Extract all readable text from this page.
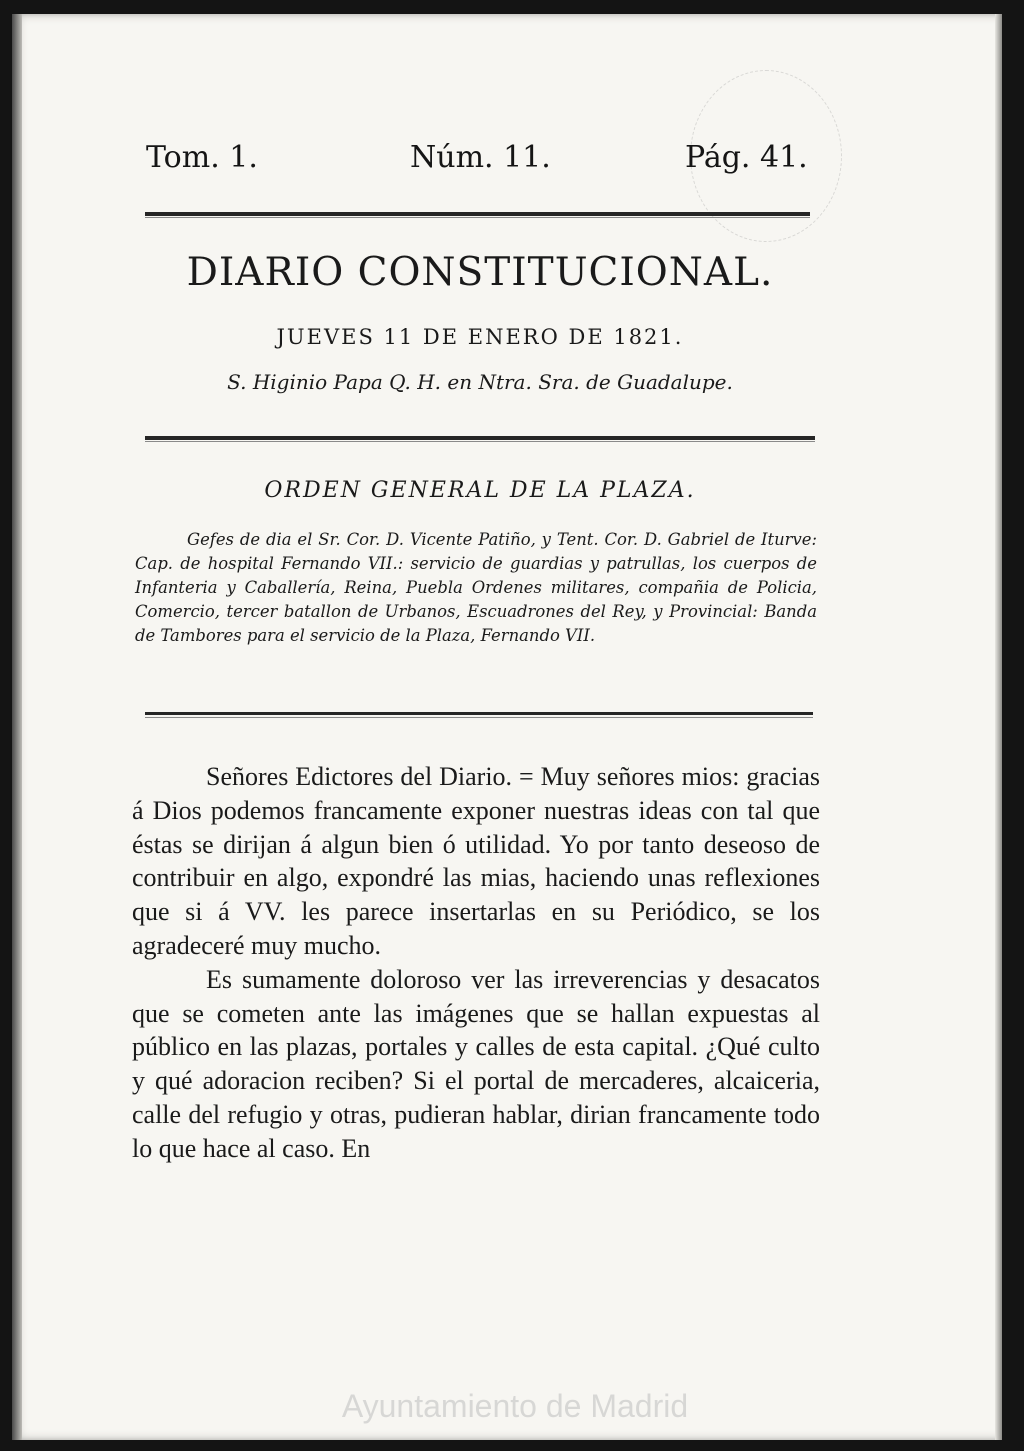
Tom. 1.	Núm. 11.	Pág. 41.
DIARIO CONSTITUCIONAL.
JUEVES 11 DE ENERO DE 1821.
S. Higinio Papa Q. H. en Ntra. Sra. de Guadalupe.
ORDEN GENERAL DE LA PLAZA.
Gefes de dia el Sr. Cor. D. Vicente Patiño, y Tent. Cor. D. Gabriel de Iturve: Cap. de hospital Fernando VII.: servicio de guardias y patrullas, los cuerpos de Infanteria y Caballería, Reina, Puebla Ordenes militares, compañia de Policia, Comercio, tercer batallon de Urbanos, Escuadrones del Rey, y Provincial: Banda de Tambores para el servicio de la Plaza, Fernando VII.

Señores Edictores del Diario. = Muy señores mios: gracias á Dios podemos francamente exponer nuestras ideas con tal que éstas se dirijan á algun bien ó utilidad. Yo por tanto deseoso de contribuir en algo, expondré las mias, haciendo unas reflexiones que si á VV. les parece insertarlas en su Periódico, se los agradeceré muy mucho.

Es sumamente doloroso ver las irreverencias y desacatos que se cometen ante las imágenes que se hallan expuestas al público en las plazas, portales y calles de esta capital. ¿Qué culto y qué adoracion reciben? Si el portal de mercaderes, alcaiceria, calle del refugio y otras, pudieran hablar, dirian francamente todo lo que hace al caso. En

Ayuntamiento de Madrid
